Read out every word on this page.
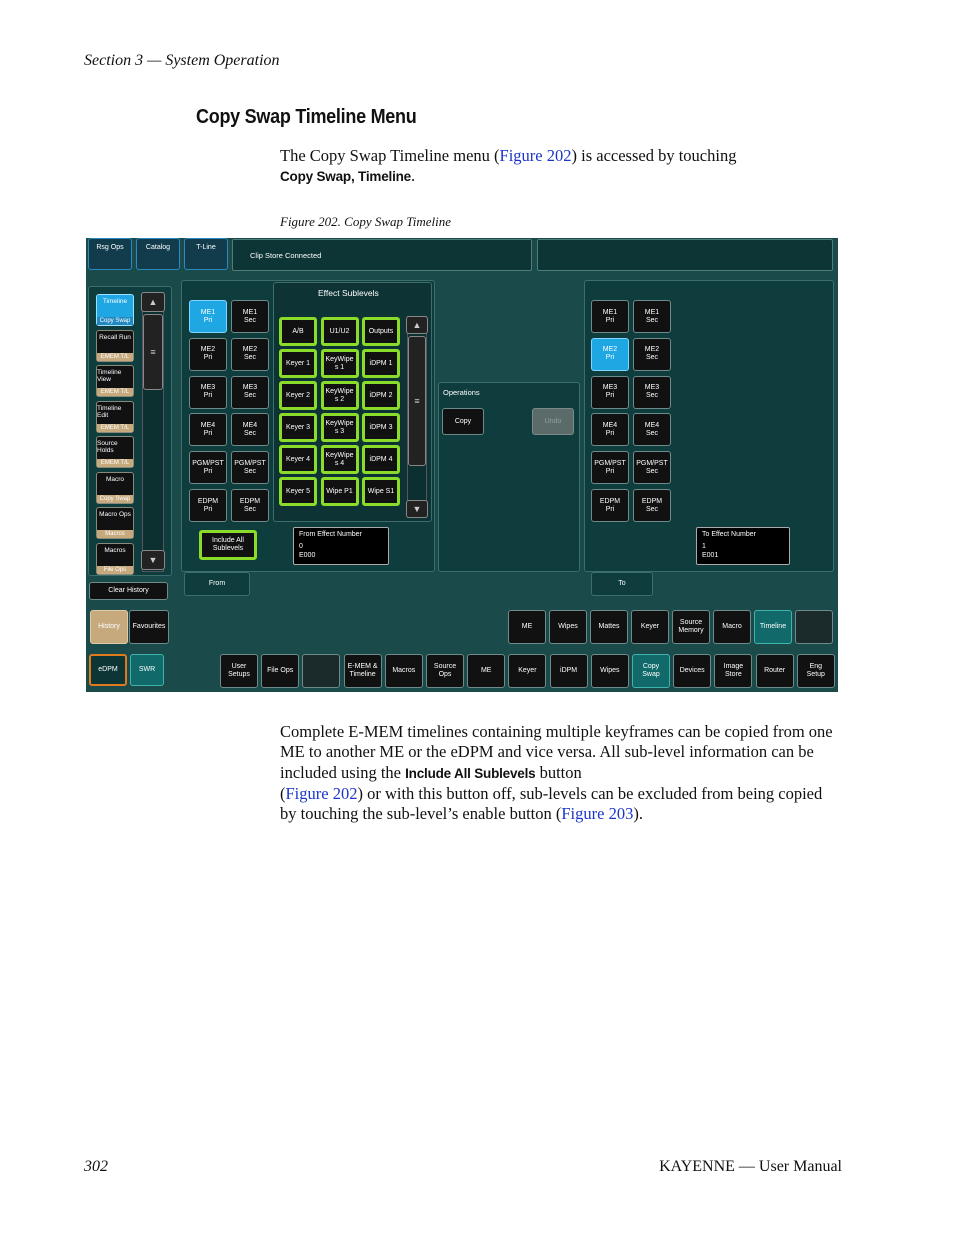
Section 3 — System Operation
Copy Swap Timeline Menu
The Copy Swap Timeline menu (Figure 202) is accessed by touching
Copy Swap, Timeline.
Figure 202. Copy Swap Timeline
Clip Store Connected
Timeline
Copy Swap
Recall Run
EMEM T/L
Timeline View
EMEM T/L
Timeline Edit
EMEM T/L
Source Holds
EMEM T/L
Macro
Copy Swap
Macro Ops
Macros
Macros
File Ops
▲
≡
▼
Clear History
History	Favourites
eDPM	SWR
Rsg Ops	Catalog	T-Line
ME1
Pri
ME1
Sec
ME2
Pri
ME2
Sec
ME3
Pri
ME3
Sec
ME4
Pri
ME4
Sec
PGM/PST
Pri
PGM/PST
Sec
EDPM
Pri
EDPM
Sec
Effect Sublevels
A/B	U1/U2	Outputs
Keyer 1
KeyWipe
s 1
iDPM 1
Keyer 2
KeyWipe
s 2
iDPM 2
Keyer 3
KeyWipe
s 3
iDPM 3
Keyer 4
KeyWipe
s 4
iDPM 4
Keyer 5 Wipe P1 Wipe S1
▲
≡
▼
Include All
Sublevels
From Effect Number
0
E000
From
Operations
Copy	Undo
ME1
Pri
ME1
Sec
ME2
Pri
ME2
Sec
ME3
Pri
ME3
Sec
ME4
Pri
ME4
Sec
PGM/PST
Pri
PGM/PST
Sec
EDPM
Pri
EDPM
Sec
To Effect Number
1
E001
To
ME	Wipes	Mattes	Keyer
Source
Memory
Macro	Timeline
User
Setups
File Ops
E-MEM &
Timeline
Macros
Source
Ops
ME	Keyer	iDPM	Wipes
Copy
Swap
Devices
Image
Store
Router
Eng
Setup
Complete E-MEM timelines containing multiple keyframes can be copied from one ME to another ME or the eDPM and vice versa. All sub-level information can be included using the Include All Sublevels button
(Figure 202) or with this button off, sub-levels can be excluded from being copied by touching the sub-level’s enable button (Figure 203).
302	KAYENNE — User Manual
